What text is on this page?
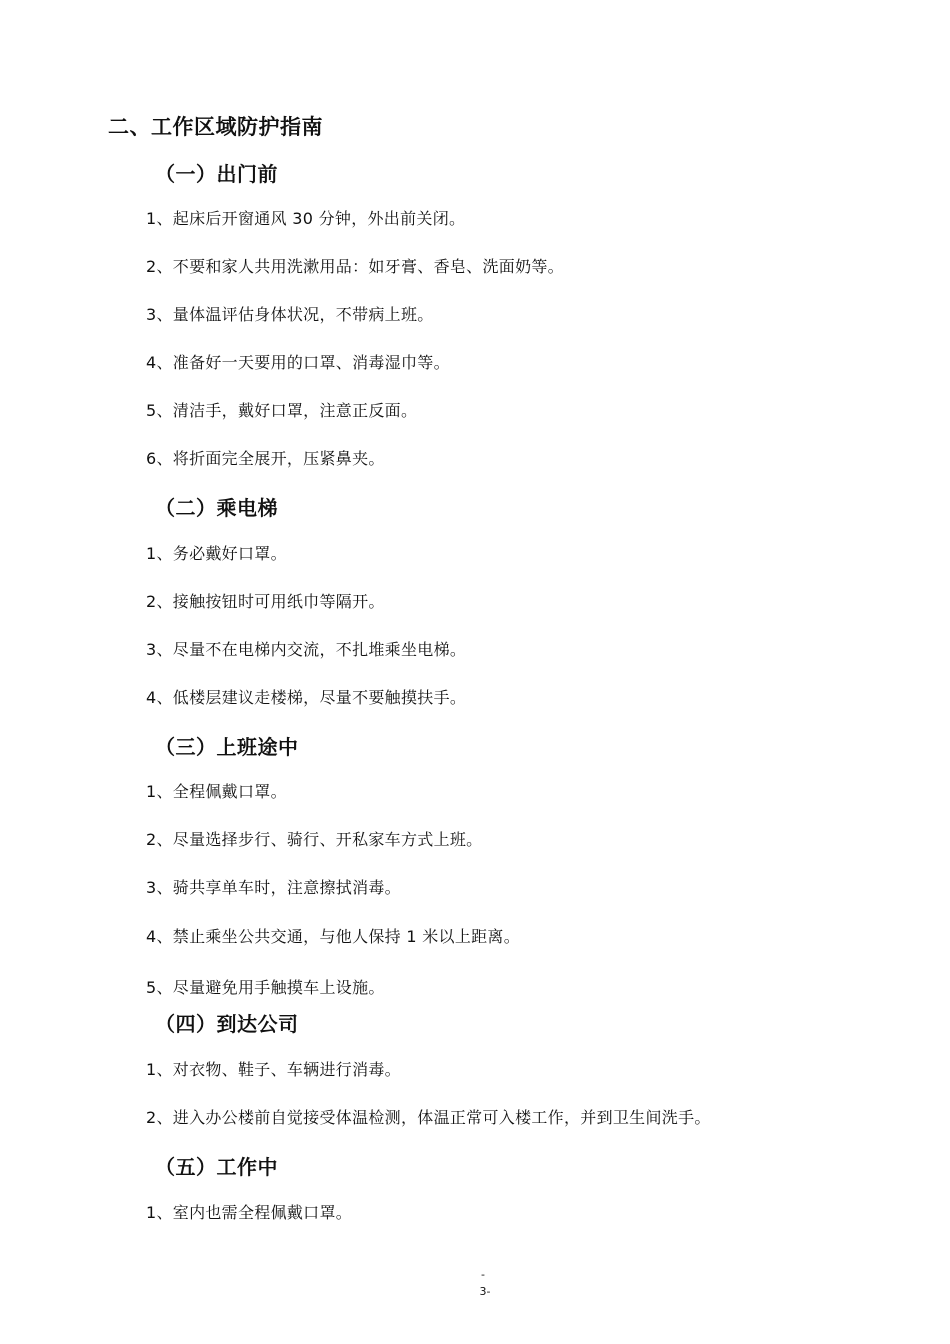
二、工作区域防护指南
（一）出门前

1、起床后开窗通风 30 分钟，外出前关闭。

2、不要和家人共用洗漱用品：如牙膏、香皂、洗面奶等。

3、量体温评估身体状况，不带病上班。

4、准备好一天要用的口罩、消毒湿巾等。

5、清洁手，戴好口罩，注意正反面。

6、将折面完全展开，压紧鼻夹。

（二）乘电梯

1、务必戴好口罩。

2、接触按钮时可用纸巾等隔开。

3、尽量不在电梯内交流，不扎堆乘坐电梯。

4、低楼层建议走楼梯，尽量不要触摸扶手。

（三）上班途中

1、全程佩戴口罩。

2、尽量选择步行、骑行、开私家车方式上班。

3、骑共享单车时，注意擦拭消毒。

4、禁止乘坐公共交通，与他人保持 1 米以上距离。

5、尽量避免用手触摸车上设施。

（四）到达公司

1、对衣物、鞋子、车辆进行消毒。

2、进入办公楼前自觉接受体温检测，体温正常可入楼工作，并到卫生间洗手。

（五）工作中

1、室内也需全程佩戴口罩。

-
3-
